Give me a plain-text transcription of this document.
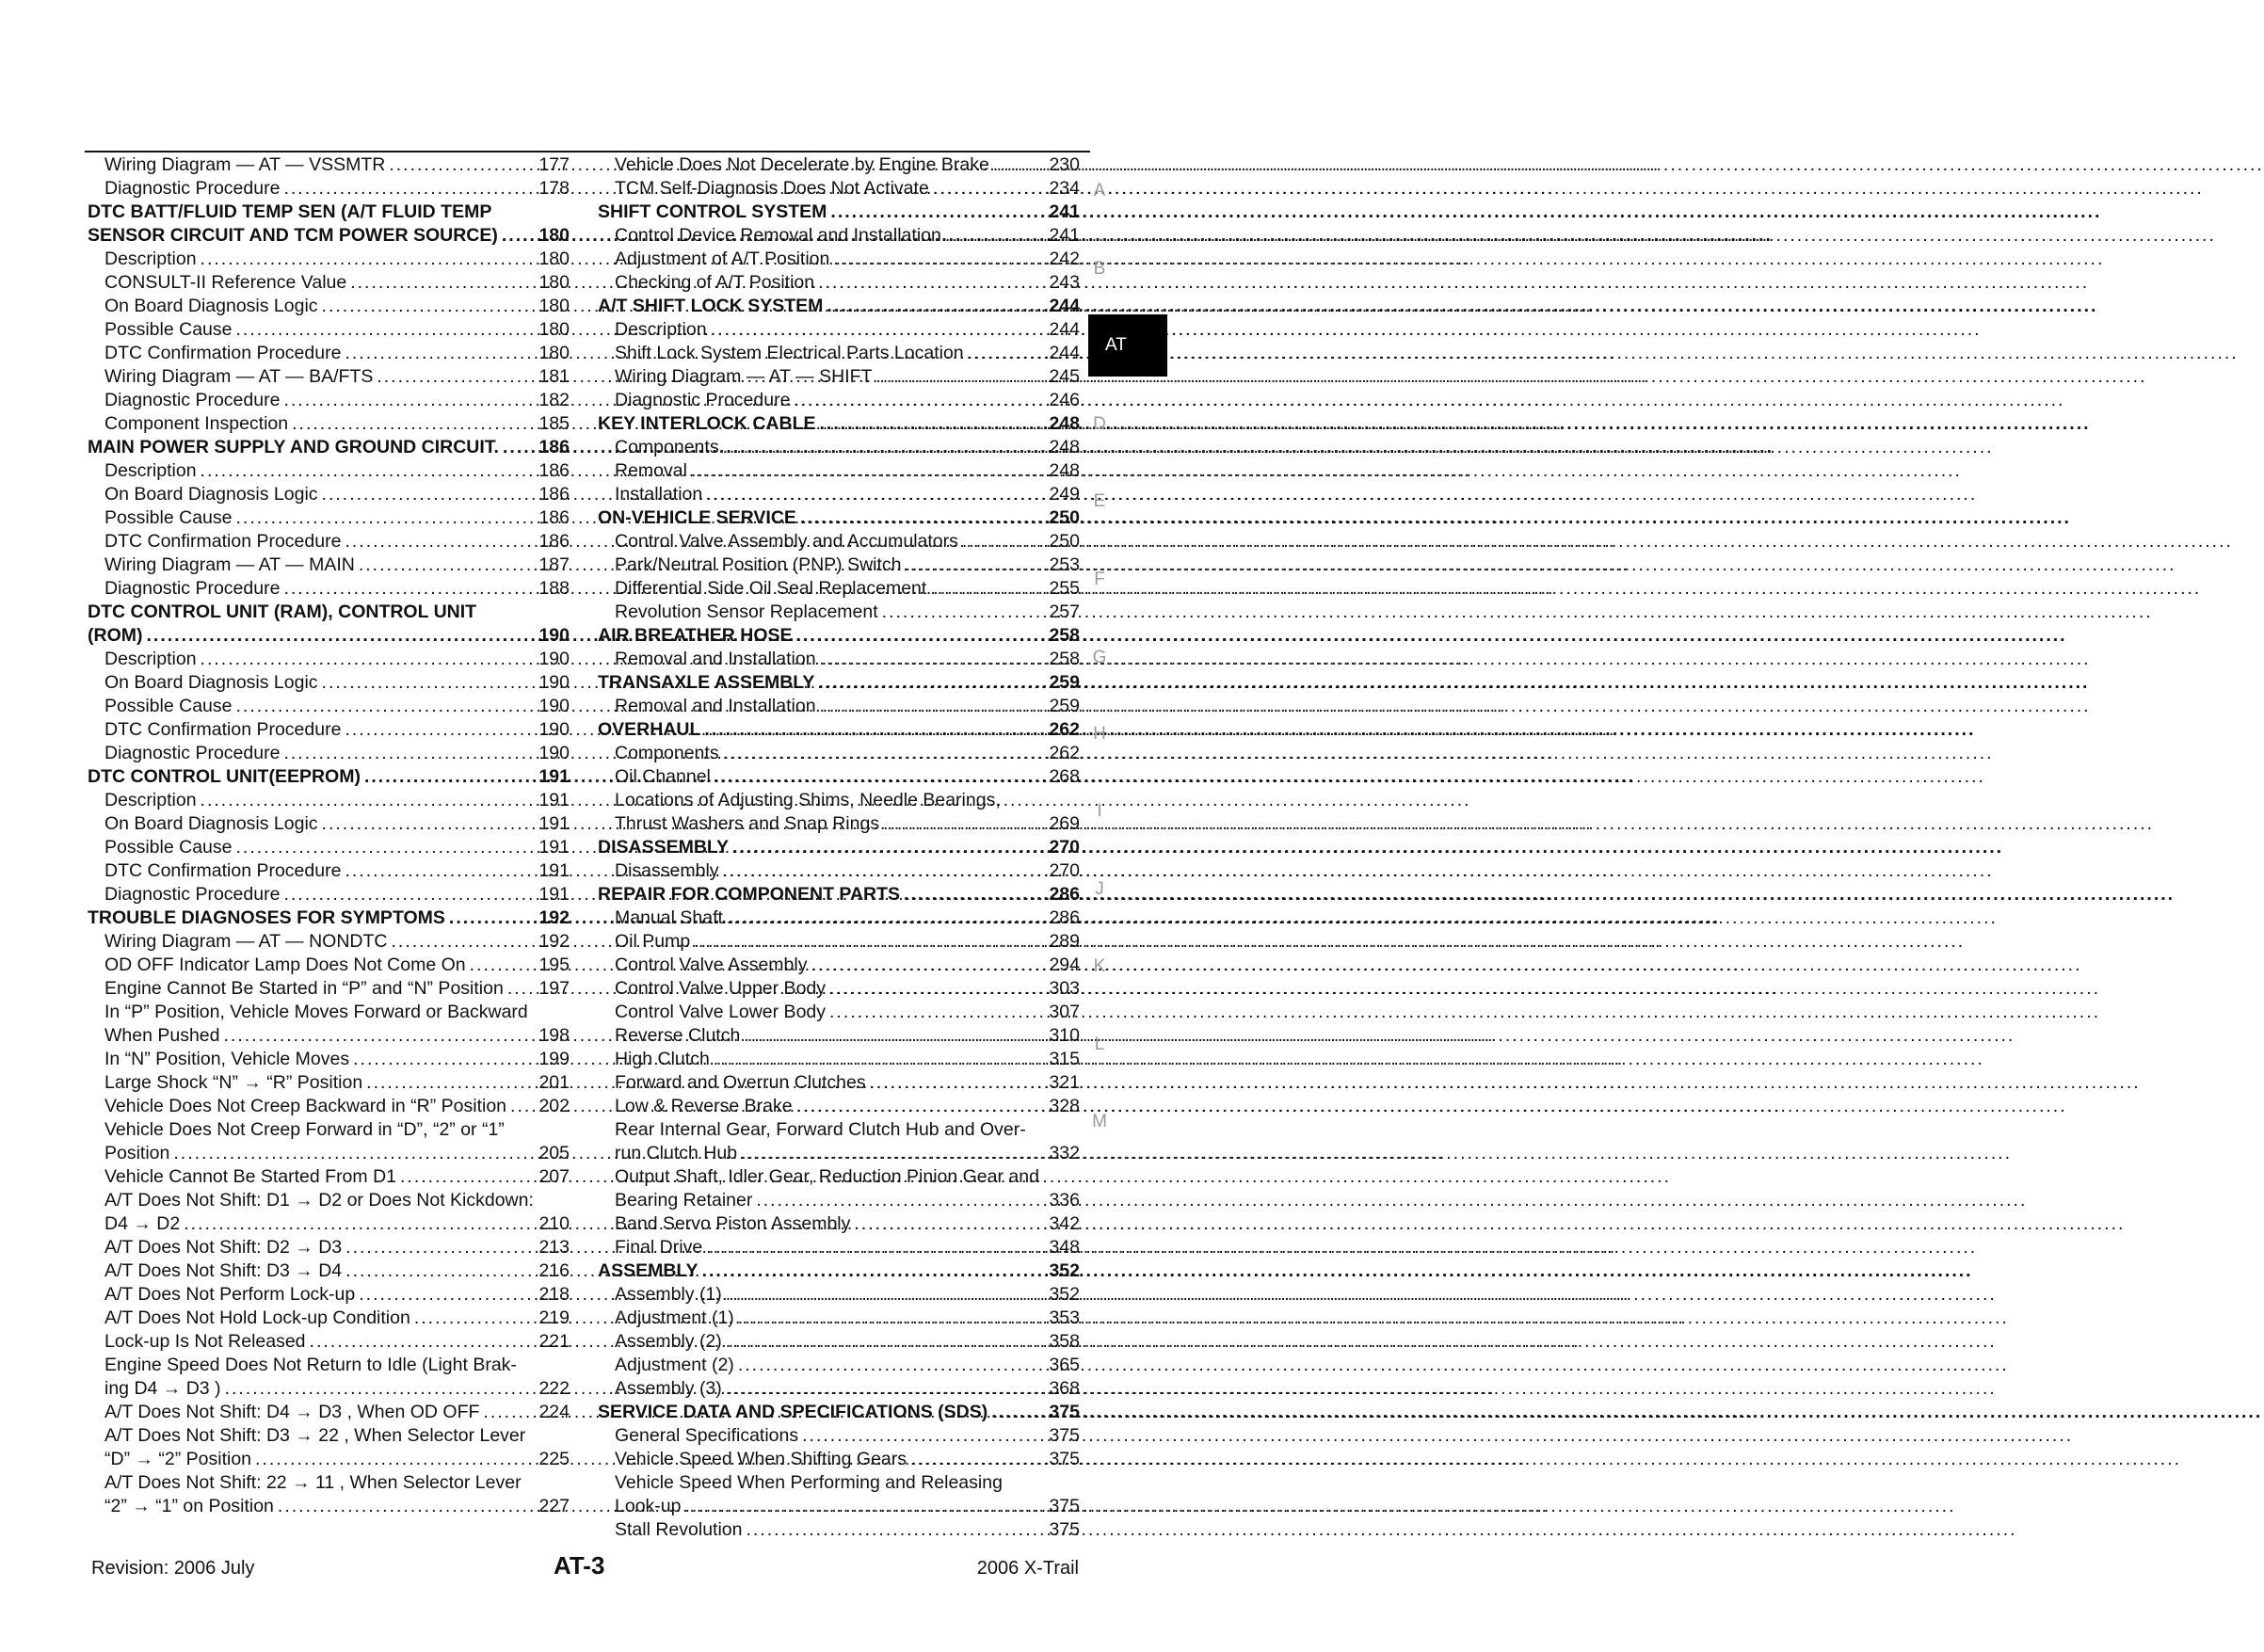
Wiring Diagram — AT — VSSMTR .....	177
Diagnostic Procedure .....	178
DTC BATT/FLUID TEMP SEN (A/T FLUID TEMP
SENSOR CIRCUIT AND TCM POWER SOURCE) ..... 180
Description .....	180
CONSULT-II Reference Value .....	180
On Board Diagnosis Logic .....	180
Possible Cause .....	180
DTC Confirmation Procedure .....	180
Wiring Diagram — AT — BA/FTS .....	181
Diagnostic Procedure .....	182
Component Inspection .....	185
MAIN POWER SUPPLY AND GROUND CIRCUIT. ..... 186
Description .....	186
On Board Diagnosis Logic .....	186
Possible Cause .....	186
DTC Confirmation Procedure .....	186
Wiring Diagram — AT — MAIN .....	187
Diagnostic Procedure .....	188
DTC CONTROL UNIT (RAM), CONTROL UNIT
(ROM) .....	190
Description .....	190
On Board Diagnosis Logic .....	190
Possible Cause .....	190
DTC Confirmation Procedure .....	190
Diagnostic Procedure .....	190
DTC CONTROL UNIT(EEPROM) .....	191
Description .....	191
On Board Diagnosis Logic .....	191
Possible Cause .....	191
DTC Confirmation Procedure .....	191
Diagnostic Procedure .....	191
TROUBLE DIAGNOSES FOR SYMPTOMS .....	192
Wiring Diagram — AT — NONDTC .....	192
OD OFF Indicator Lamp Does Not Come On .....	195
Engine Cannot Be Started in “P” and “N” Position ..... 197
In “P” Position, Vehicle Moves Forward or Backward
When Pushed .....	198
In “N” Position, Vehicle Moves .....	199
Large Shock “N” → “R” Position .....	201
Vehicle Does Not Creep Backward in “R” Position ..... 202
Vehicle Does Not Creep Forward in “D”, “2” or “1”
Position .....	205
Vehicle Cannot Be Started From D1 .....	207
A/T Does Not Shift: D1 → D2 or Does Not Kickdown:
D4 → D2 .....	210
A/T Does Not Shift: D2 → D3 .....	213
A/T Does Not Shift: D3 → D4 .....	216
A/T Does Not Perform Lock-up .....	218
A/T Does Not Hold Lock-up Condition .....	219
Lock-up Is Not Released .....	221
Engine Speed Does Not Return to Idle (Light Brak-
ing D4 → D3 ) .....	222
A/T Does Not Shift: D4 → D3 , When OD OFF .....	224
A/T Does Not Shift: D3 → 22 , When Selector Lever
“D” → “2” Position .....	225
A/T Does Not Shift: 22 → 11 , When Selector Lever
“2” → “1” on Position .....	227
Vehicle Does Not Decelerate by Engine Brake .....	230
TCM Self-Diagnosis Does Not Activate .....	234
SHIFT CONTROL SYSTEM .....	241
Control Device Removal and Installation .....	241
Adjustment of A/T Position .....	242
Checking of A/T Position .....	243
A/T SHIFT LOCK SYSTEM .....	244
Description .....	244
Shift Lock System Electrical Parts Location .....	244
Wiring Diagram — AT — SHIFT .....	245
Diagnostic Procedure .....	246
KEY INTERLOCK CABLE .....	248
Components .....	248
Removal .....	248
Installation .....	249
ON-VEHICLE SERVICE .....	250
Control Valve Assembly and Accumulators .....	250
Park/Neutral Position (PNP) Switch .....	253
Differential Side Oil Seal Replacement .....	255
Revolution Sensor Replacement .....	257
AIR BREATHER HOSE .....	258
Removal and Installation .....	258
TRANSAXLE ASSEMBLY .....	259
Removal and Installation .....	259
OVERHAUL .....	262
Components .....	262
Oil Channel .....	268
Locations of Adjusting Shims, Needle Bearings,
Thrust Washers and Snap Rings .....	269
DISASSEMBLY .....	270
Disassembly .....	270
REPAIR FOR COMPONENT PARTS .....	286
Manual Shaft .....	286
Oil Pump .....	289
Control Valve Assembly .....	294
Control Valve Upper Body .....	303
Control Valve Lower Body .....	307
Reverse Clutch .....	310
High Clutch .....	315
Forward and Overrun Clutches .....	321
Low & Reverse Brake .....	328
Rear Internal Gear, Forward Clutch Hub and Over-
run Clutch Hub .....	332
Output Shaft, Idler Gear, Reduction Pinion Gear and
Bearing Retainer .....	336
Band Servo Piston Assembly .....	342
Final Drive .....	348
ASSEMBLY .....	352
Assembly (1) .....	352
Adjustment (1) .....	353
Assembly (2) .....	358
Adjustment (2) .....	365
Assembly (3) .....	368
SERVICE DATA AND SPECIFICATIONS (SDS) .....	375
General Specifications .....	375
Vehicle Speed When Shifting Gears .....	375
Vehicle Speed When Performing and Releasing
Look-up .....	375
Stall Revolution .....	375
A
B
AT
D
E
F
G
H
I
J
K
L
M
Revision: 2006 July	AT-3	2006 X-Trail
